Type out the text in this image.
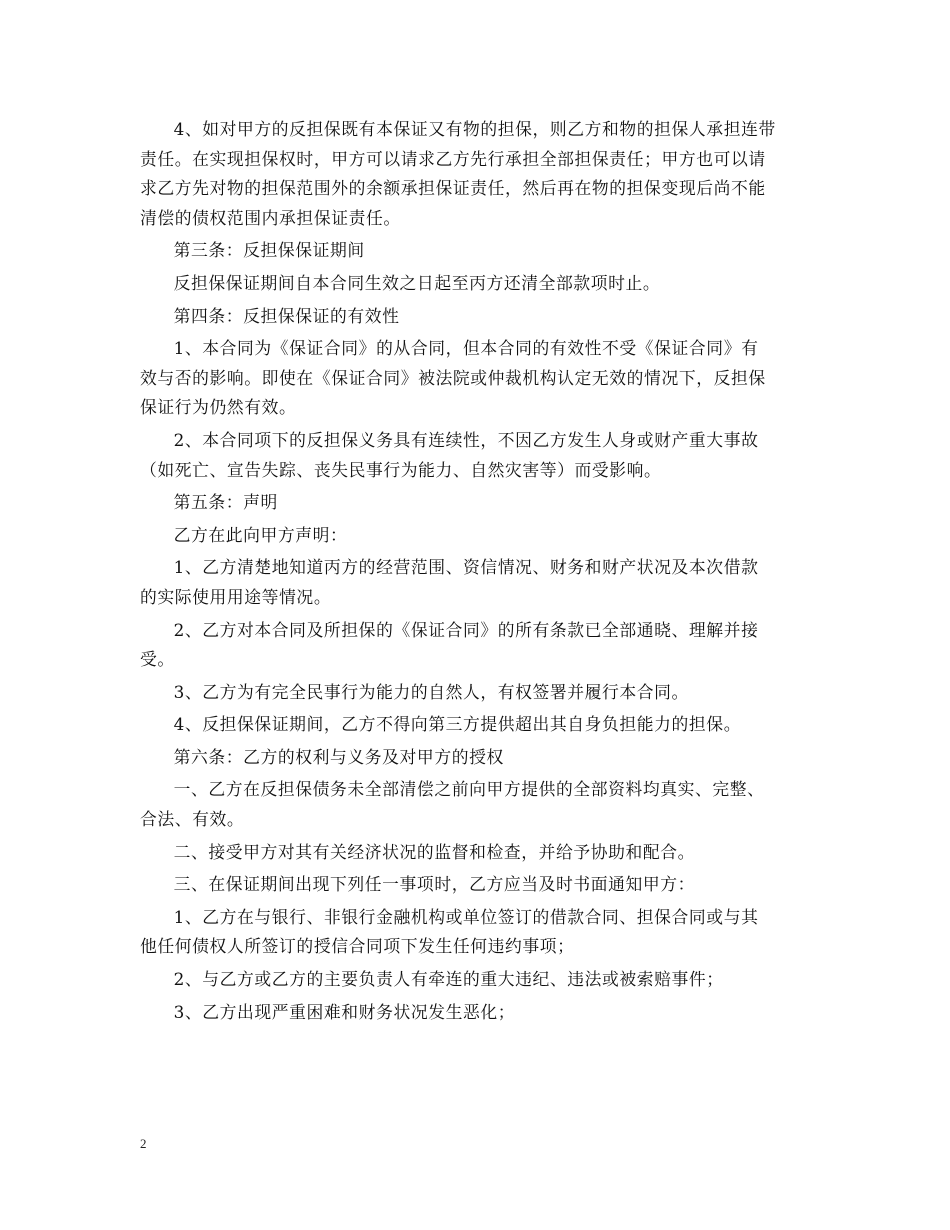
4、如对甲方的反担保既有本保证又有物的担保，则乙方和物的担保人承担连带
责任。在实现担保权时，甲方可以请求乙方先行承担全部担保责任；甲方也可以请
求乙方先对物的担保范围外的余额承担保证责任，然后再在物的担保变现后尚不能
清偿的债权范围内承担保证责任。
第三条：反担保保证期间
反担保保证期间自本合同生效之日起至丙方还清全部款项时止。
第四条：反担保保证的有效性
1、本合同为《保证合同》的从合同，但本合同的有效性不受《保证合同》有
效与否的影响。即使在《保证合同》被法院或仲裁机构认定无效的情况下，反担保
保证行为仍然有效。
2、本合同项下的反担保义务具有连续性，不因乙方发生人身或财产重大事故
（如死亡、宣告失踪、丧失民事行为能力、自然灾害等）而受影响。
第五条：声明
乙方在此向甲方声明：
1、乙方清楚地知道丙方的经营范围、资信情况、财务和财产状况及本次借款
的实际使用用途等情况。
2、乙方对本合同及所担保的《保证合同》的所有条款已全部通晓、理解并接
受。
3、乙方为有完全民事行为能力的自然人，有权签署并履行本合同。
4、反担保保证期间，乙方不得向第三方提供超出其自身负担能力的担保。
第六条：乙方的权利与义务及对甲方的授权
一、乙方在反担保债务未全部清偿之前向甲方提供的全部资料均真实、完整、
合法、有效。
二、接受甲方对其有关经济状况的监督和检查，并给予协助和配合。
三、在保证期间出现下列任一事项时，乙方应当及时书面通知甲方：
1、乙方在与银行、非银行金融机构或单位签订的借款合同、担保合同或与其
他任何债权人所签订的授信合同项下发生任何违约事项；
2、与乙方或乙方的主要负责人有牵连的重大违纪、违法或被索赔事件；
3、乙方出现严重困难和财务状况发生恶化；
2
